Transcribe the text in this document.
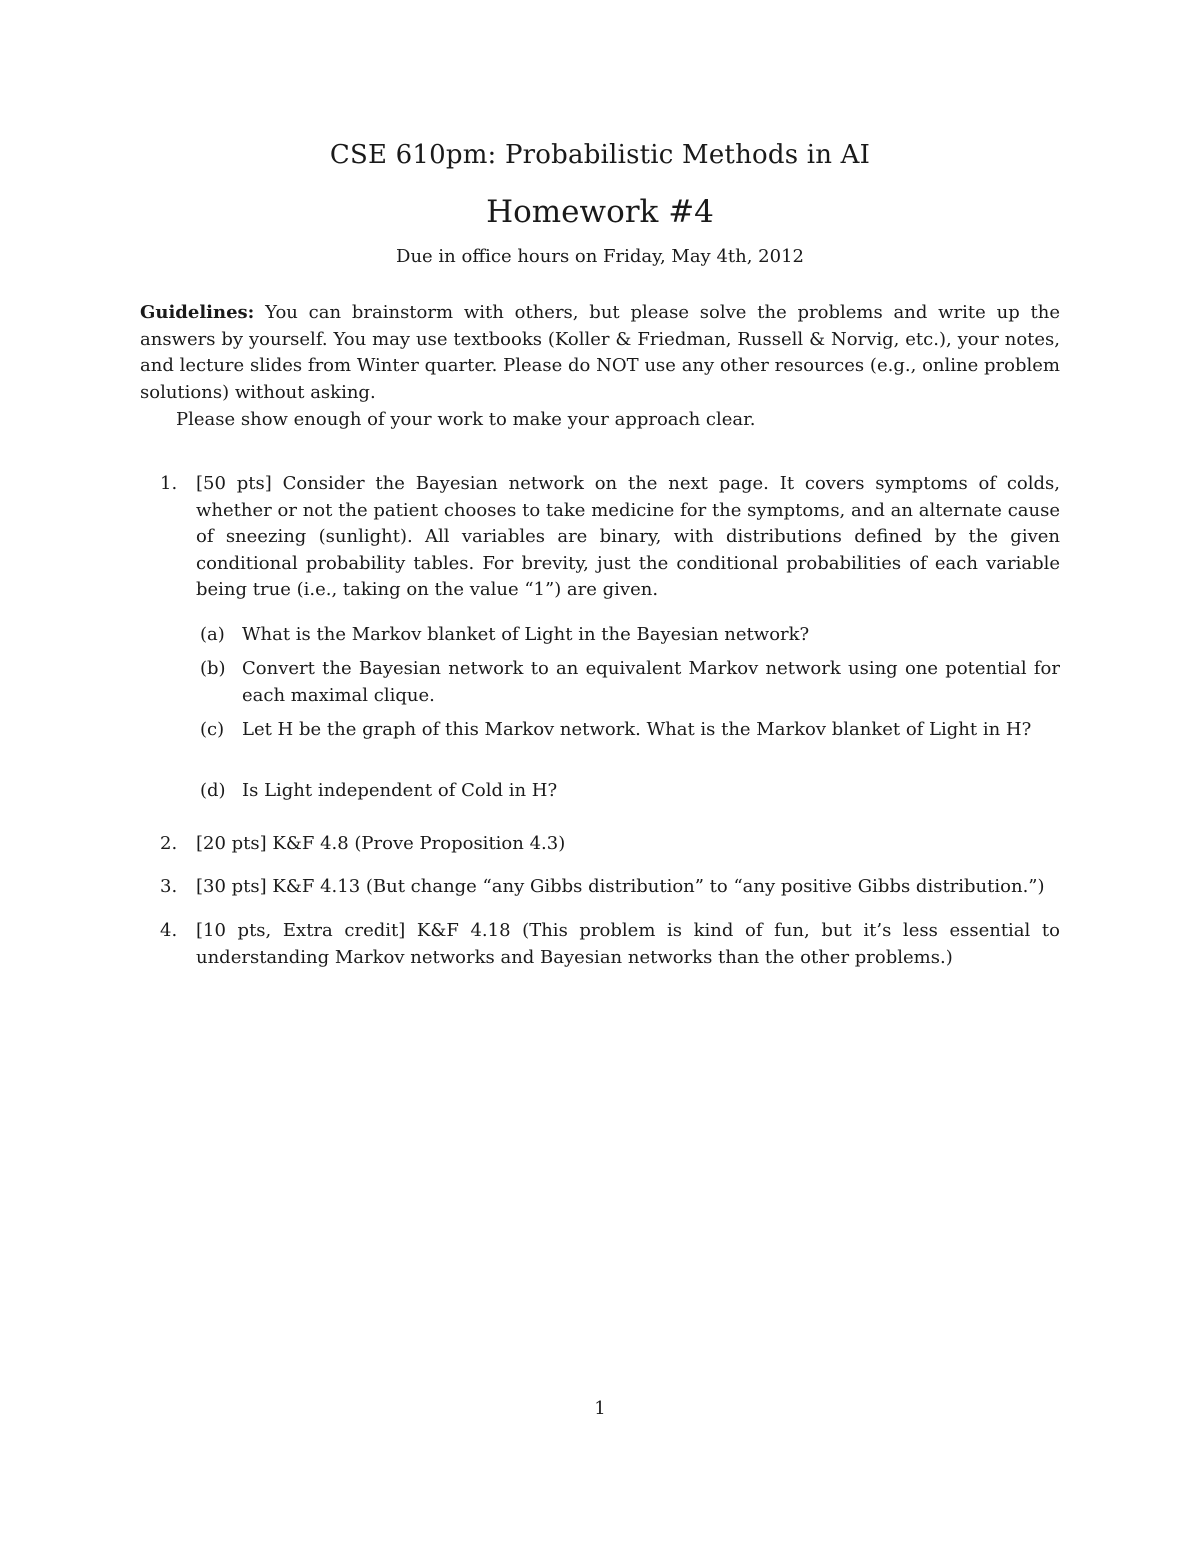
CSE 610pm: Probabilistic Methods in AI
Homework #4

Due in office hours on Friday, May 4th, 2012

Guidelines: You can brainstorm with others, but please solve the problems and write up the answers by yourself. You may use textbooks (Koller & Friedman, Russell & Norvig, etc.), your notes, and lecture slides from Winter quarter. Please do NOT use any other resources (e.g., online problem solutions) without asking.

Please show enough of your work to make your approach clear.

1. [50 pts] Consider the Bayesian network on the next page. It covers symptoms of colds, whether or not the patient chooses to take medicine for the symptoms, and an alternate cause of sneezing (sunlight). All variables are binary, with distributions defined by the given conditional probability tables. For brevity, just the conditional probabilities of each variable being true (i.e., taking on the value “1”) are given.
(a) What is the Markov blanket of Light in the Bayesian network?
(b) Convert the Bayesian network to an equivalent Markov network using one potential for each maximal clique.
(c) Let H be the graph of this Markov network. What is the Markov blanket of Light in H?
(d) Is Light independent of Cold in H?
2. [20 pts] K&F 4.8 (Prove Proposition 4.3)
3. [30 pts] K&F 4.13 (But change “any Gibbs distribution” to “any positive Gibbs distribution.”)
4. [10 pts, Extra credit] K&F 4.18 (This problem is kind of fun, but it’s less essential to understanding Markov networks and Bayesian networks than the other problems.)
1
